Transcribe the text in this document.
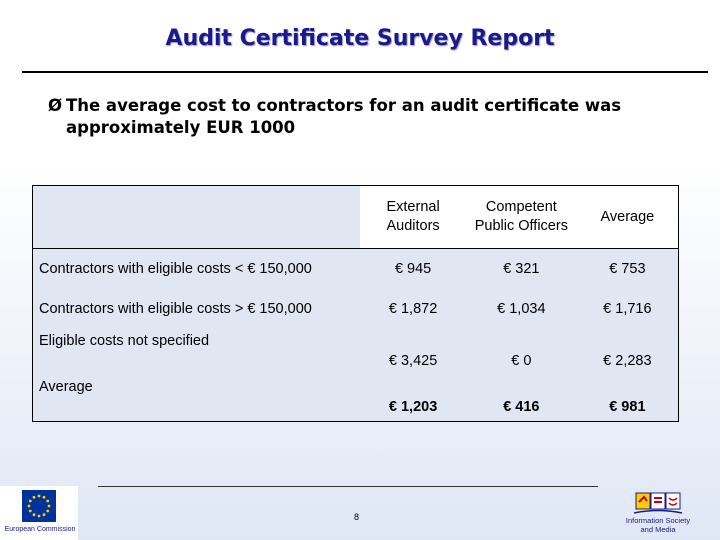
Audit Certificate Survey Report
Ø The average cost to contractors for an audit certificate was approximately EUR 1000
	External Auditors	Competent Public Officers	Average
Contractors with eligible costs < € 150,000	€ 945	€ 321	€ 753
Contractors with eligible costs > € 150,000	€ 1,872	€ 1,034	€ 1,716
Eligible costs not specified	€ 3,425	€ 0	€ 2,283
Average	€ 1,203	€ 416	€ 981
8
European Commission
Information Society
and Media
